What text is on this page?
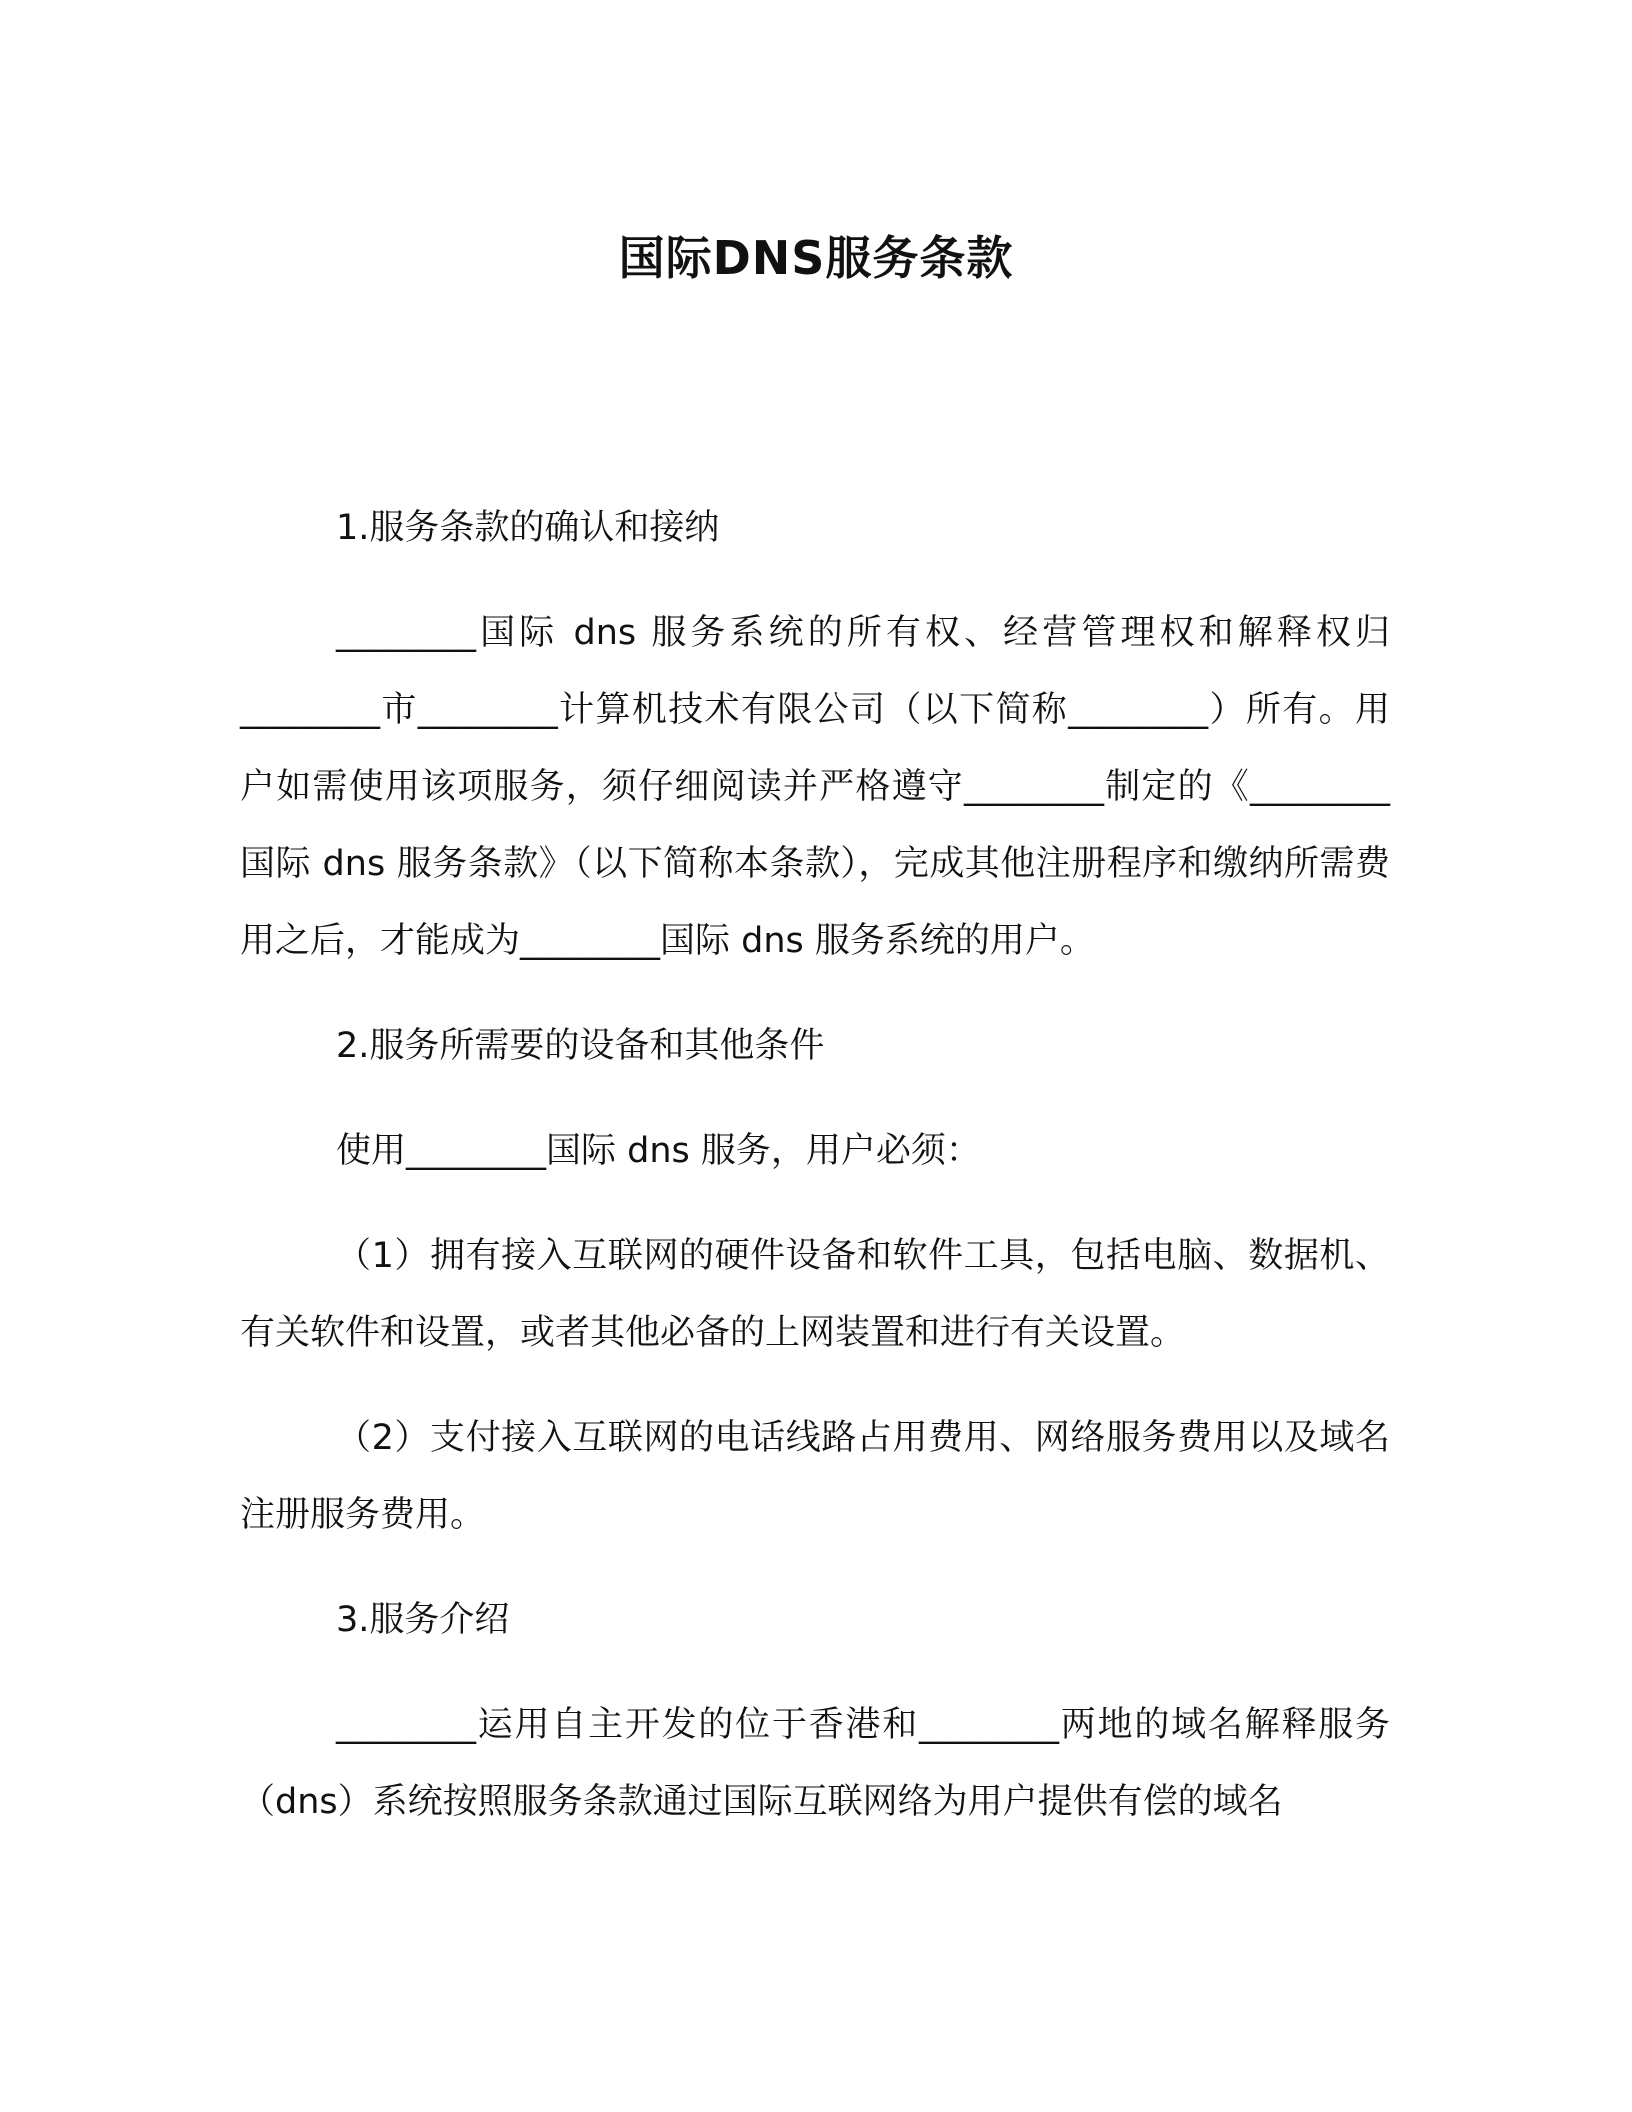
国际DNS服务条款

1.服务条款的确认和接纳

________国际 dns 服务系统的所有权、经营管理权和解释权归________市________计算机技术有限公司（以下简称________）所有。用户如需使用该项服务，须仔细阅读并严格遵守________制定的《________国际 dns 服务条款》（以下简称本条款），完成其他注册程序和缴纳所需费用之后，才能成为________国际 dns 服务系统的用户。

2.服务所需要的设备和其他条件

使用________国际 dns 服务，用户必须：

（1）拥有接入互联网的硬件设备和软件工具，包括电脑、数据机、有关软件和设置，或者其他必备的上网装置和进行有关设置。

（2）支付接入互联网的电话线路占用费用、网络服务费用以及域名注册服务费用。

3.服务介绍

________运用自主开发的位于香港和________两地的域名解释服务（dns）系统按照服务条款通过国际互联网络为用户提供有偿的域名
